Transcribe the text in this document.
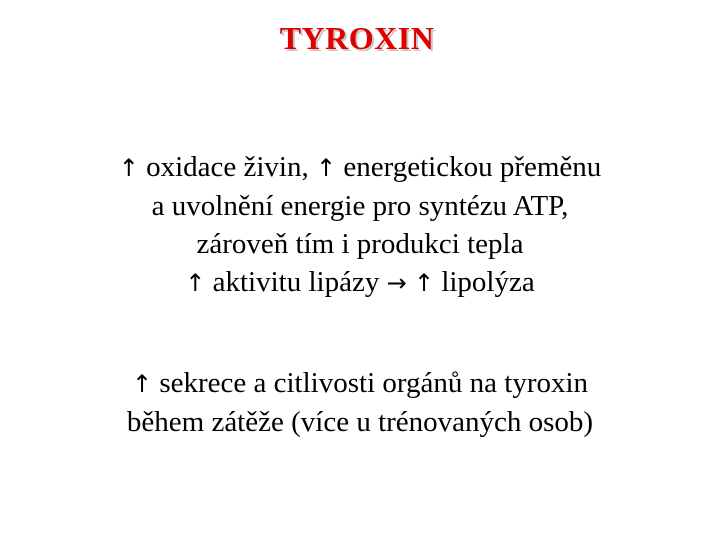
TYROXIN
↑ oxidace živin, ↑ energetickou přeměnu
a uvolnění energie pro syntézu ATP,
zároveň tím i produkci tepla
↑ aktivitu lipázy → ↑ lipolýza
↑ sekrece a citlivosti orgánů na tyroxin
během zátěže (více u trénovaných osob)
